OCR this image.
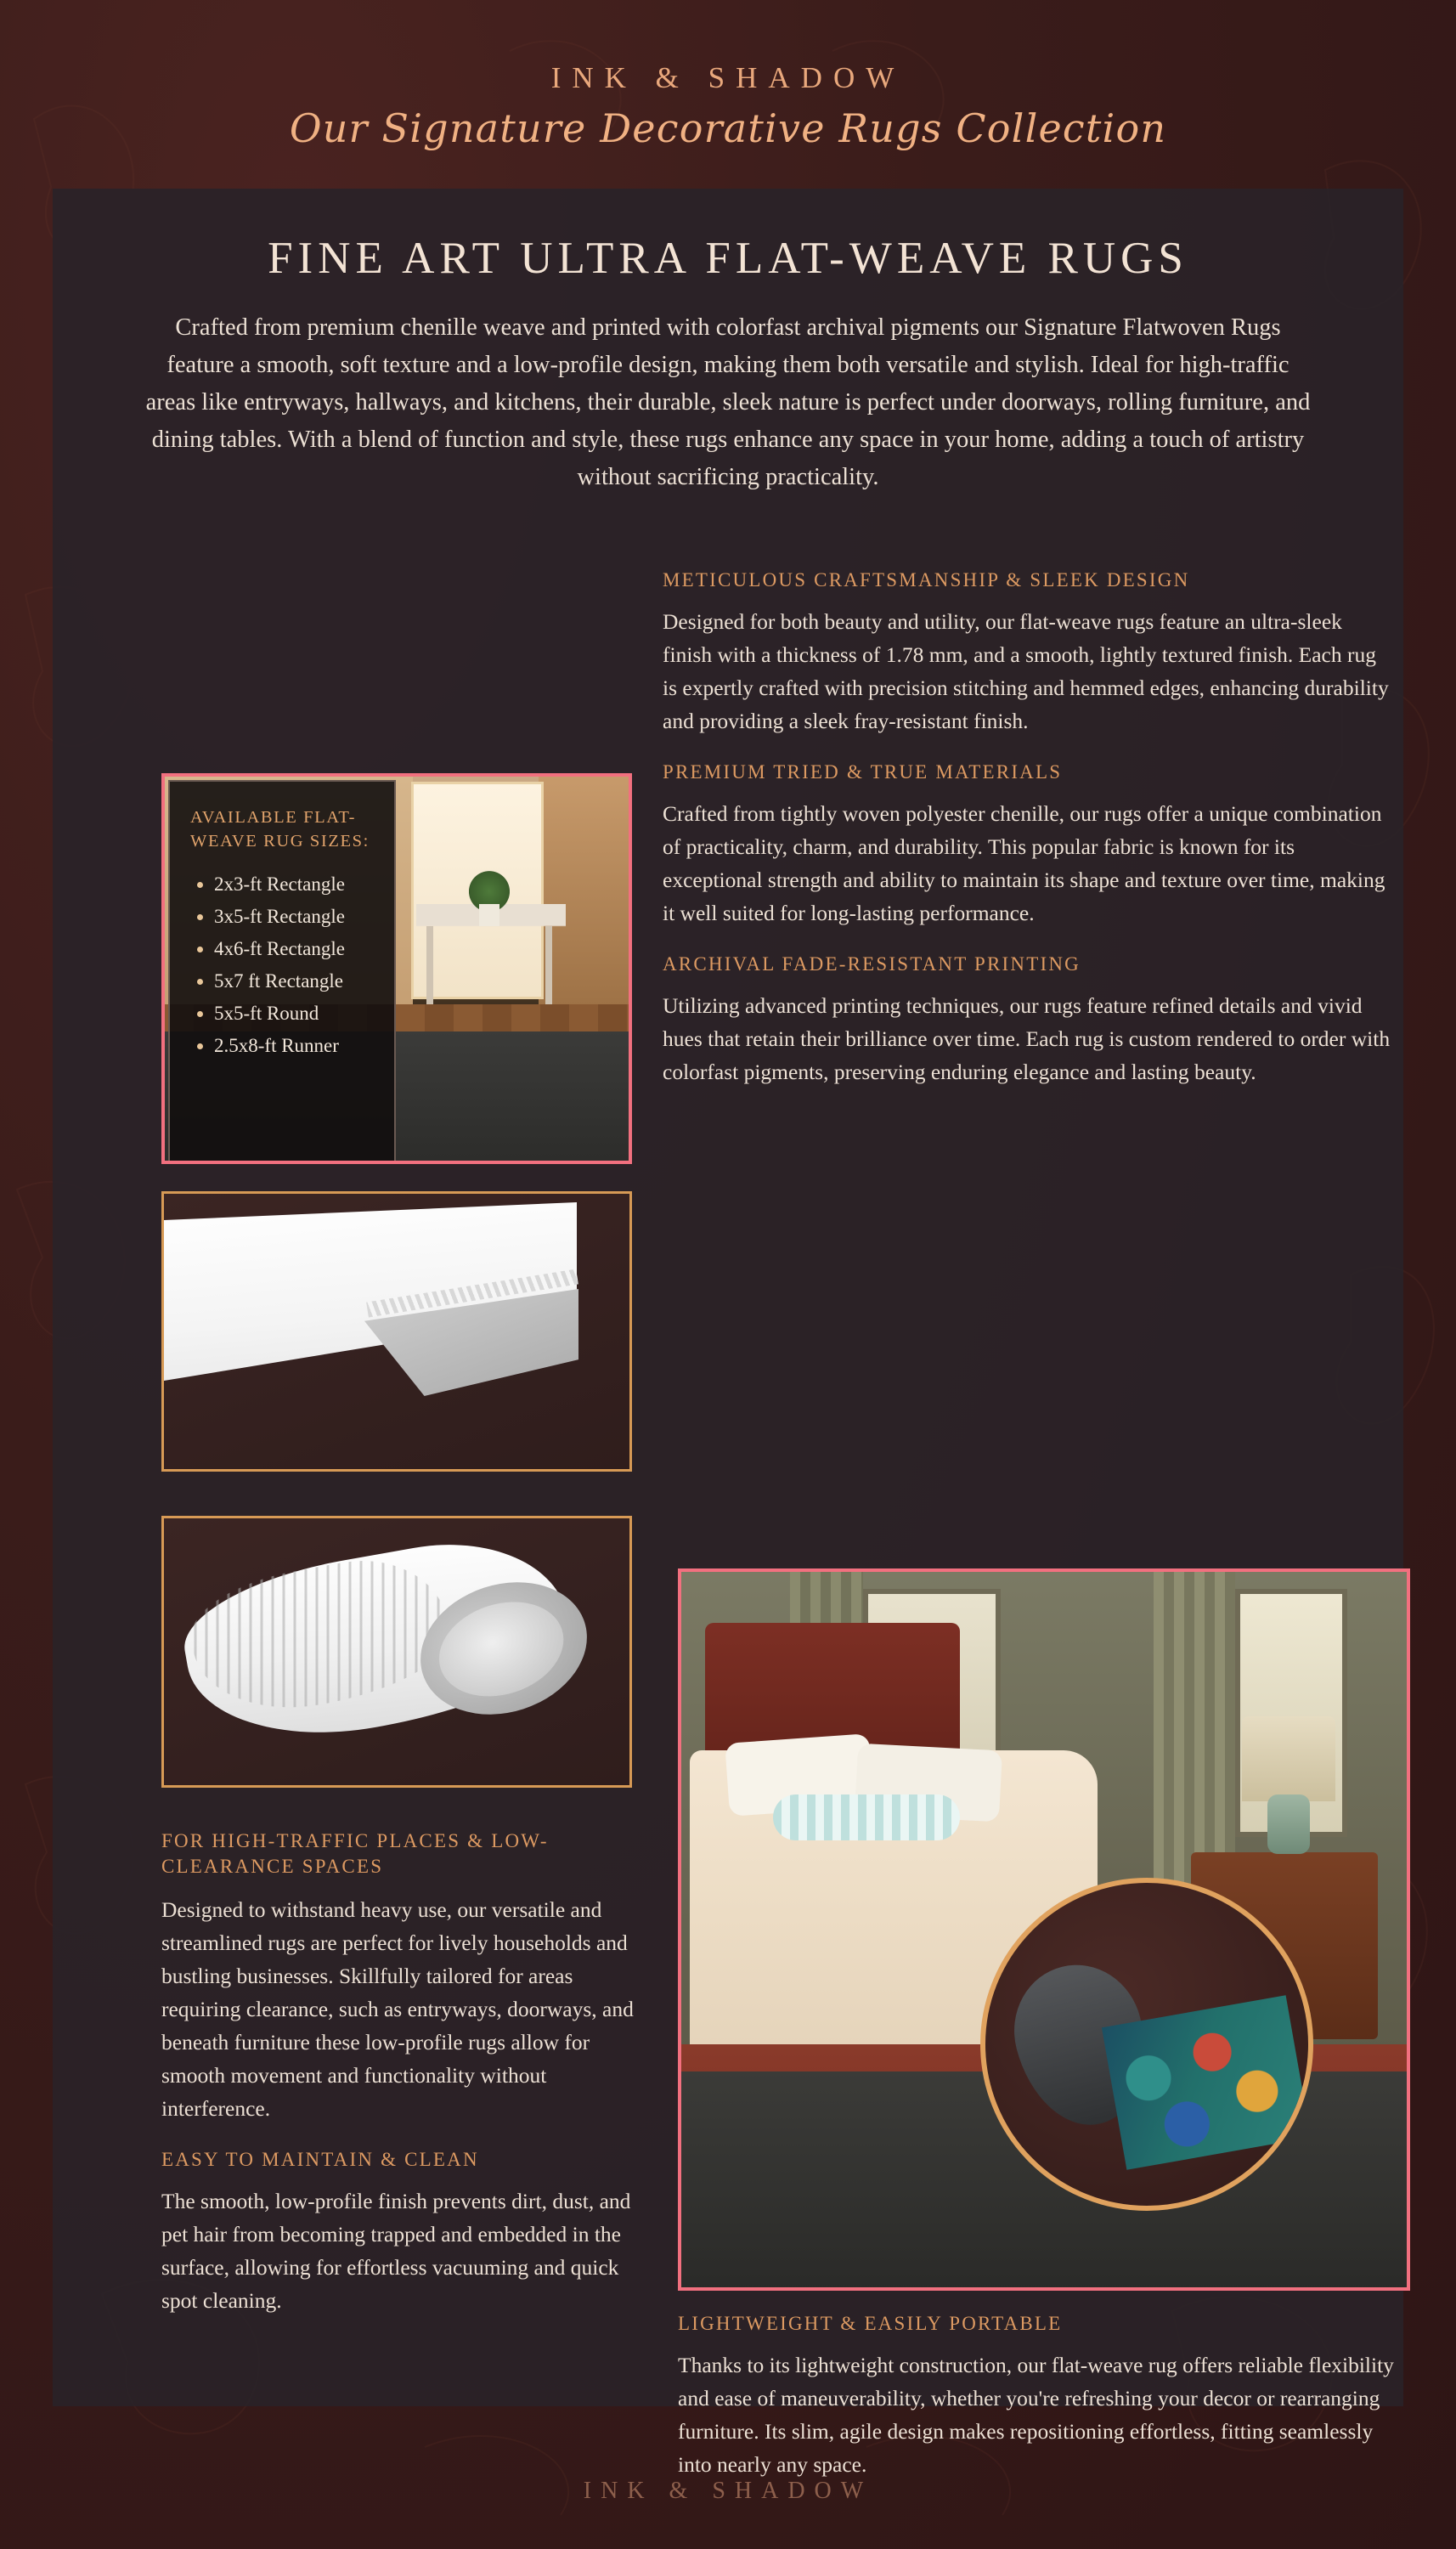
INK & SHADOW
Our Signature Decorative Rugs Collection
FINE ART ULTRA FLAT-WEAVE RUGS

Crafted from premium chenille weave and printed with colorfast archival pigments our Signature Flatwoven Rugs feature a smooth, soft texture and a low-profile design, making them both versatile and stylish. Ideal for high-traffic areas like entryways, hallways, and kitchens, their durable, sleek nature is perfect under doorways, rolling furniture, and dining tables. With a blend of function and style, these rugs enhance any space in your home, adding a touch of artistry without sacrificing practicality.

METICULOUS CRAFTSMANSHIP & SLEEK DESIGN

Designed for both beauty and utility, our flat-weave rugs feature an ultra-sleek finish with a thickness of 1.78 mm, and a smooth, lightly textured finish. Each rug is expertly crafted with precision stitching and hemmed edges, enhancing durability and providing a sleek fray-resistant finish.

PREMIUM TRIED & TRUE MATERIALS

Crafted from tightly woven polyester chenille, our rugs offer a unique combination of practicality, charm, and durability. This popular fabric is known for its exceptional strength and ability to maintain its shape and texture over time, making it well suited for long-lasting performance.

ARCHIVAL FADE-RESISTANT PRINTING

Utilizing advanced printing techniques, our rugs feature refined details and vivid hues that retain their brilliance over time. Each rug is custom rendered to order with colorfast pigments, preserving enduring elegance and lasting beauty.

AVAILABLE FLAT-WEAVE RUG SIZES:
• 2x3-ft Rectangle
• 3x5-ft Rectangle
• 4x6-ft Rectangle
• 5x7 ft Rectangle
• 5x5-ft Round
• 2.5x8-ft Runner
FOR HIGH-TRAFFIC PLACES & LOW-CLEARANCE SPACES

Designed to withstand heavy use, our versatile and streamlined rugs are perfect for lively households and bustling businesses. Skillfully tailored for areas requiring clearance, such as entryways, doorways, and beneath furniture these low-profile rugs allow for smooth movement and functionality without interference.

EASY TO MAINTAIN & CLEAN

The smooth, low-profile finish prevents dirt, dust, and pet hair from becoming trapped and embedded in the surface, allowing for effortless vacuuming and quick spot cleaning.

LIGHTWEIGHT & EASILY PORTABLE

Thanks to its lightweight construction, our flat-weave rug offers reliable flexibility and ease of maneuverability, whether you're refreshing your decor or rearranging furniture. Its slim, agile design makes repositioning effortless, fitting seamlessly into nearly any space.

INK & SHADOW
